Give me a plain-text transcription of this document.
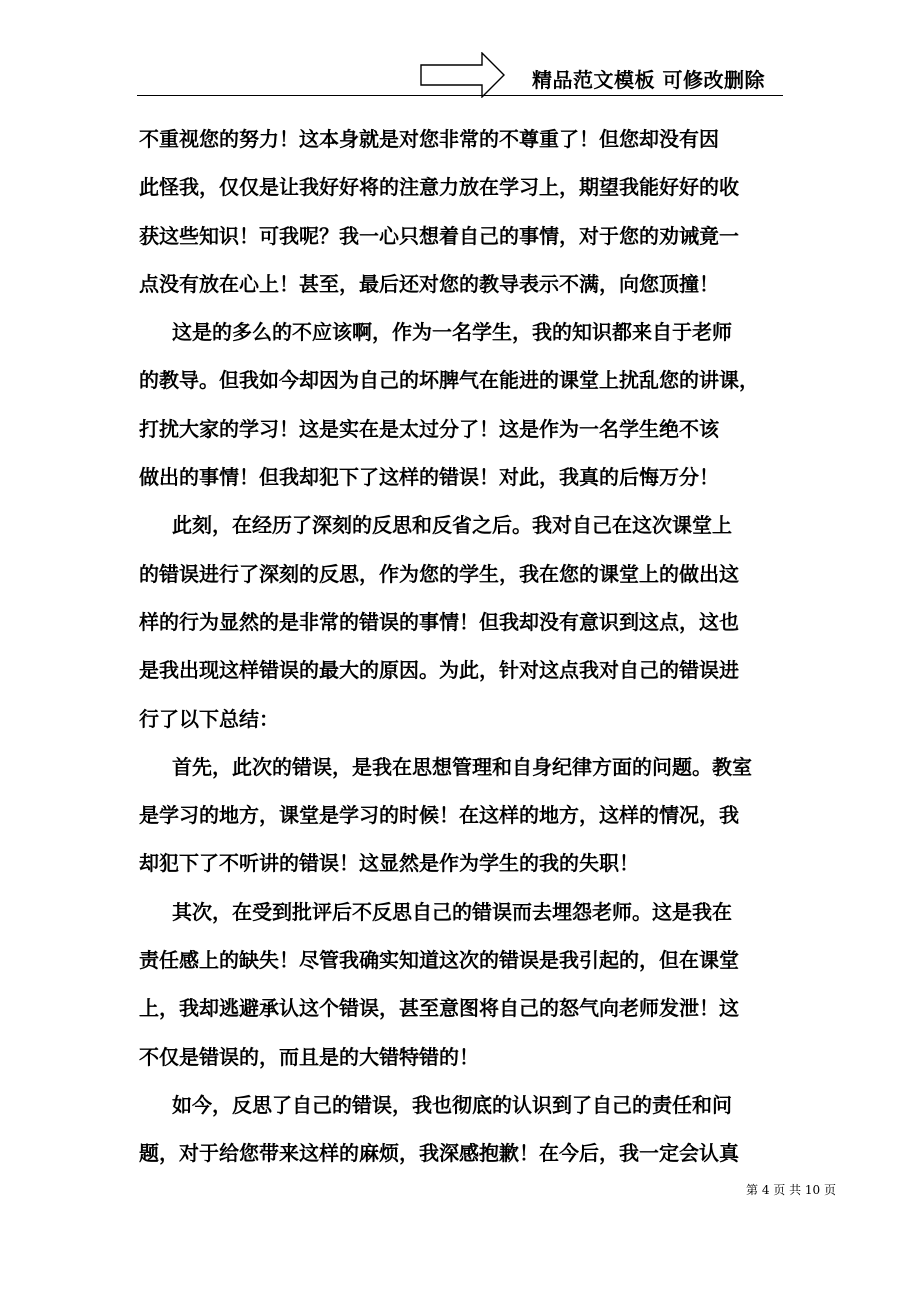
精品范文模板 可修改删除
不重视您的努力！这本身就是对您非常的不尊重了！但您却没有因
此怪我，仅仅是让我好好将的注意力放在学习上，期望我能好好的收
获这些知识！可我呢？我一心只想着自己的事情，对于您的劝诫竟一
点没有放在心上！甚至，最后还对您的教导表示不满，向您顶撞！
这是的多么的不应该啊，作为一名学生，我的知识都来自于老师
的教导。但我如今却因为自己的坏脾气在能进的课堂上扰乱您的讲课，
打扰大家的学习！这是实在是太过分了！这是作为一名学生绝不该
做出的事情！但我却犯下了这样的错误！对此，我真的后悔万分！
此刻，在经历了深刻的反思和反省之后。我对自己在这次课堂上
的错误进行了深刻的反思，作为您的学生，我在您的课堂上的做出这
样的行为显然的是非常的错误的事情！但我却没有意识到这点，这也
是我出现这样错误的最大的原因。为此，针对这点我对自己的错误进
行了以下总结：
首先，此次的错误，是我在思想管理和自身纪律方面的问题。教室
是学习的地方，课堂是学习的时候！在这样的地方，这样的情况，我
却犯下了不听讲的错误！这显然是作为学生的我的失职！
其次，在受到批评后不反思自己的错误而去埋怨老师。这是我在
责任感上的缺失！尽管我确实知道这次的错误是我引起的，但在课堂
上，我却逃避承认这个错误，甚至意图将自己的怒气向老师发泄！这
不仅是错误的，而且是的大错特错的！
如今，反思了自己的错误，我也彻底的认识到了自己的责任和问
题，对于给您带来这样的麻烦，我深感抱歉！在今后，我一定会认真
第 4 页 共 10 页
